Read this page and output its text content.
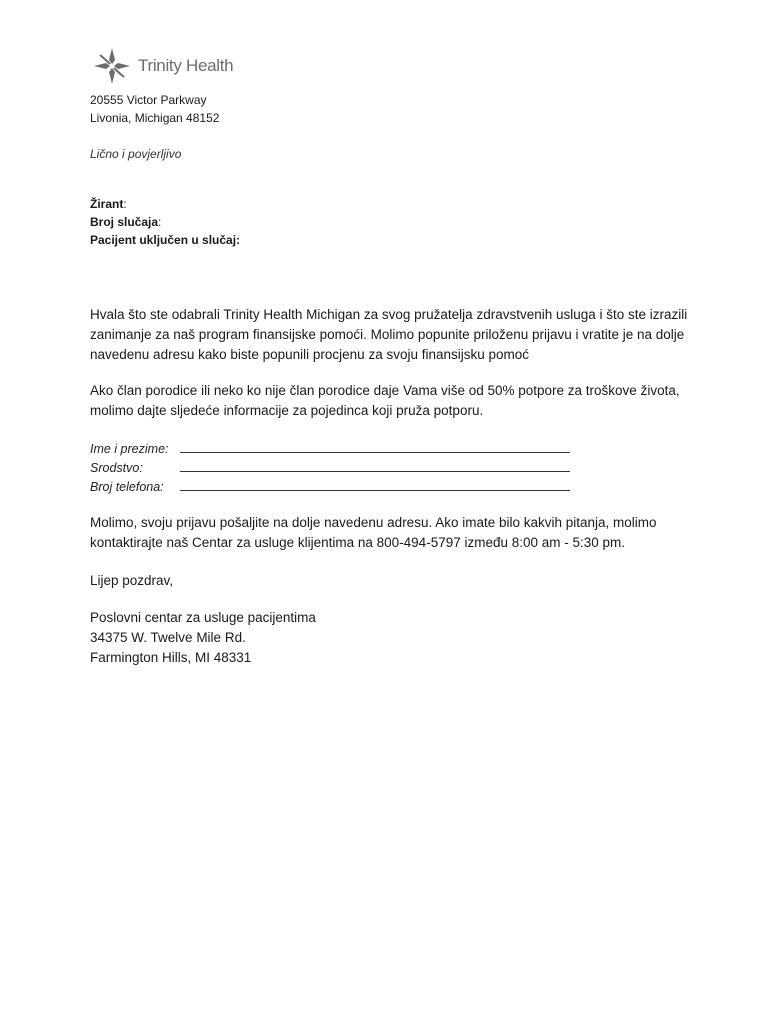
Trinity Health
20555 Victor Parkway
Livonia, Michigan 48152
Lično i povjerljivo
Žirant:
Broj slučaja:
Pacijent uključen u slučaj:
Hvala što ste odabrali Trinity Health Michigan za svog pružatelja zdravstvenih usluga i što ste izrazili zanimanje za naš program finansijske pomoći. Molimo popunite priloženu prijavu i vratite je na dolje navedenu adresu kako biste popunili procjenu za svoju finansijsku pomoć
Ako član porodice ili neko ko nije član porodice daje Vama više od 50% potpore za troškove života, molimo dajte sljedeće informacije za pojedinca koji pruža potporu.
Ime i prezime:
Srodstvo:
Broj telefona:
Molimo, svoju prijavu pošaljite na dolje navedenu adresu. Ako imate bilo kakvih pitanja, molimo kontaktirajte naš Centar za usluge klijentima na 800-494-5797 između 8:00 am - 5:30 pm.
Lijep pozdrav,
Poslovni centar za usluge pacijentima
34375 W. Twelve Mile Rd.
Farmington Hills, MI 48331
